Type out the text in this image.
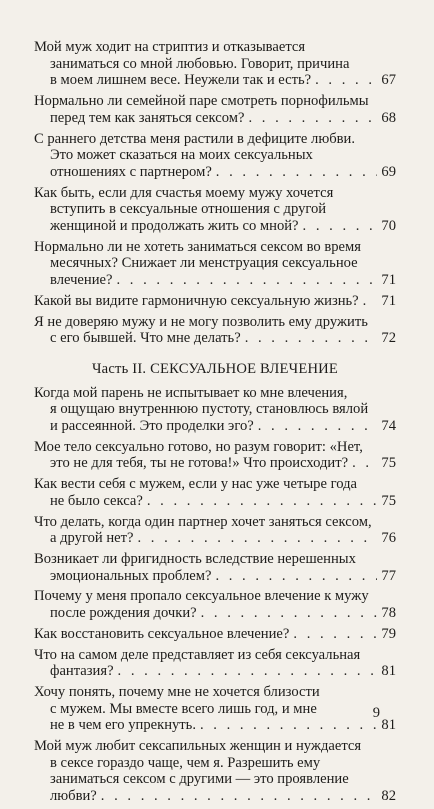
Мой муж ходит на стриптиз и отказывается
заниматься со мной любовью. Говорит, причина
в моем лишнем весе. Неужели так и есть? . . .	67
Нормально ли семейной паре смотреть порнофильмы
перед тем как заняться сексом? . . .	68
С раннего детства меня растили в дефиците любви.
Это может сказаться на моих сексуальных
отношениях с партнером? . . .	69
Как быть, если для счастья моему мужу хочется
вступить в сексуальные отношения с другой
женщиной и продолжать жить со мной? . . .	70
Нормально ли не хотеть заниматься сексом во время
месячных? Снижает ли менструация сексуальное
влечение? . . .	71
Какой вы видите гармоничную сексуальную жизнь? . . . 71
Я не доверяю мужу и не могу позволить ему дружить
с его бывшей. Что мне делать? . . .	72
Часть II. СЕКСУАЛЬНОЕ ВЛЕЧЕНИЕ
Когда мой парень не испытывает ко мне влечения,
я ощущаю внутреннюю пустоту, становлюсь вялой
и рассеянной. Это проделки эго? . . .	74
Мое тело сексуально готово, но разум говорит: «Нет,
это не для тебя, ты не готова!» Что происходит? . . . 75
Как вести себя с мужем, если у нас уже четыре года
не было секса? . . .	75
Что делать, когда один партнер хочет заняться сексом,
а другой нет? . . .	76
Возникает ли фригидность вследствие нерешенных
эмоциональных проблем? . . .	77
Почему у меня пропало сексуальное влечение к мужу
после рождения дочки? . . .	78
Как восстановить сексуальное влечение? . . .	79
Что на самом деле представляет из себя сексуальная
фантазия? . . .	81
Хочу понять, почему мне не хочется близости
с мужем. Мы вместе всего лишь год, и мне
не в чем его упрекнуть. . . .	81
Мой муж любит сексапильных женщин и нуждается
в сексе гораздо чаще, чем я. Разрешить ему
заниматься сексом с другими — это проявление
любви? . . .	82
9
